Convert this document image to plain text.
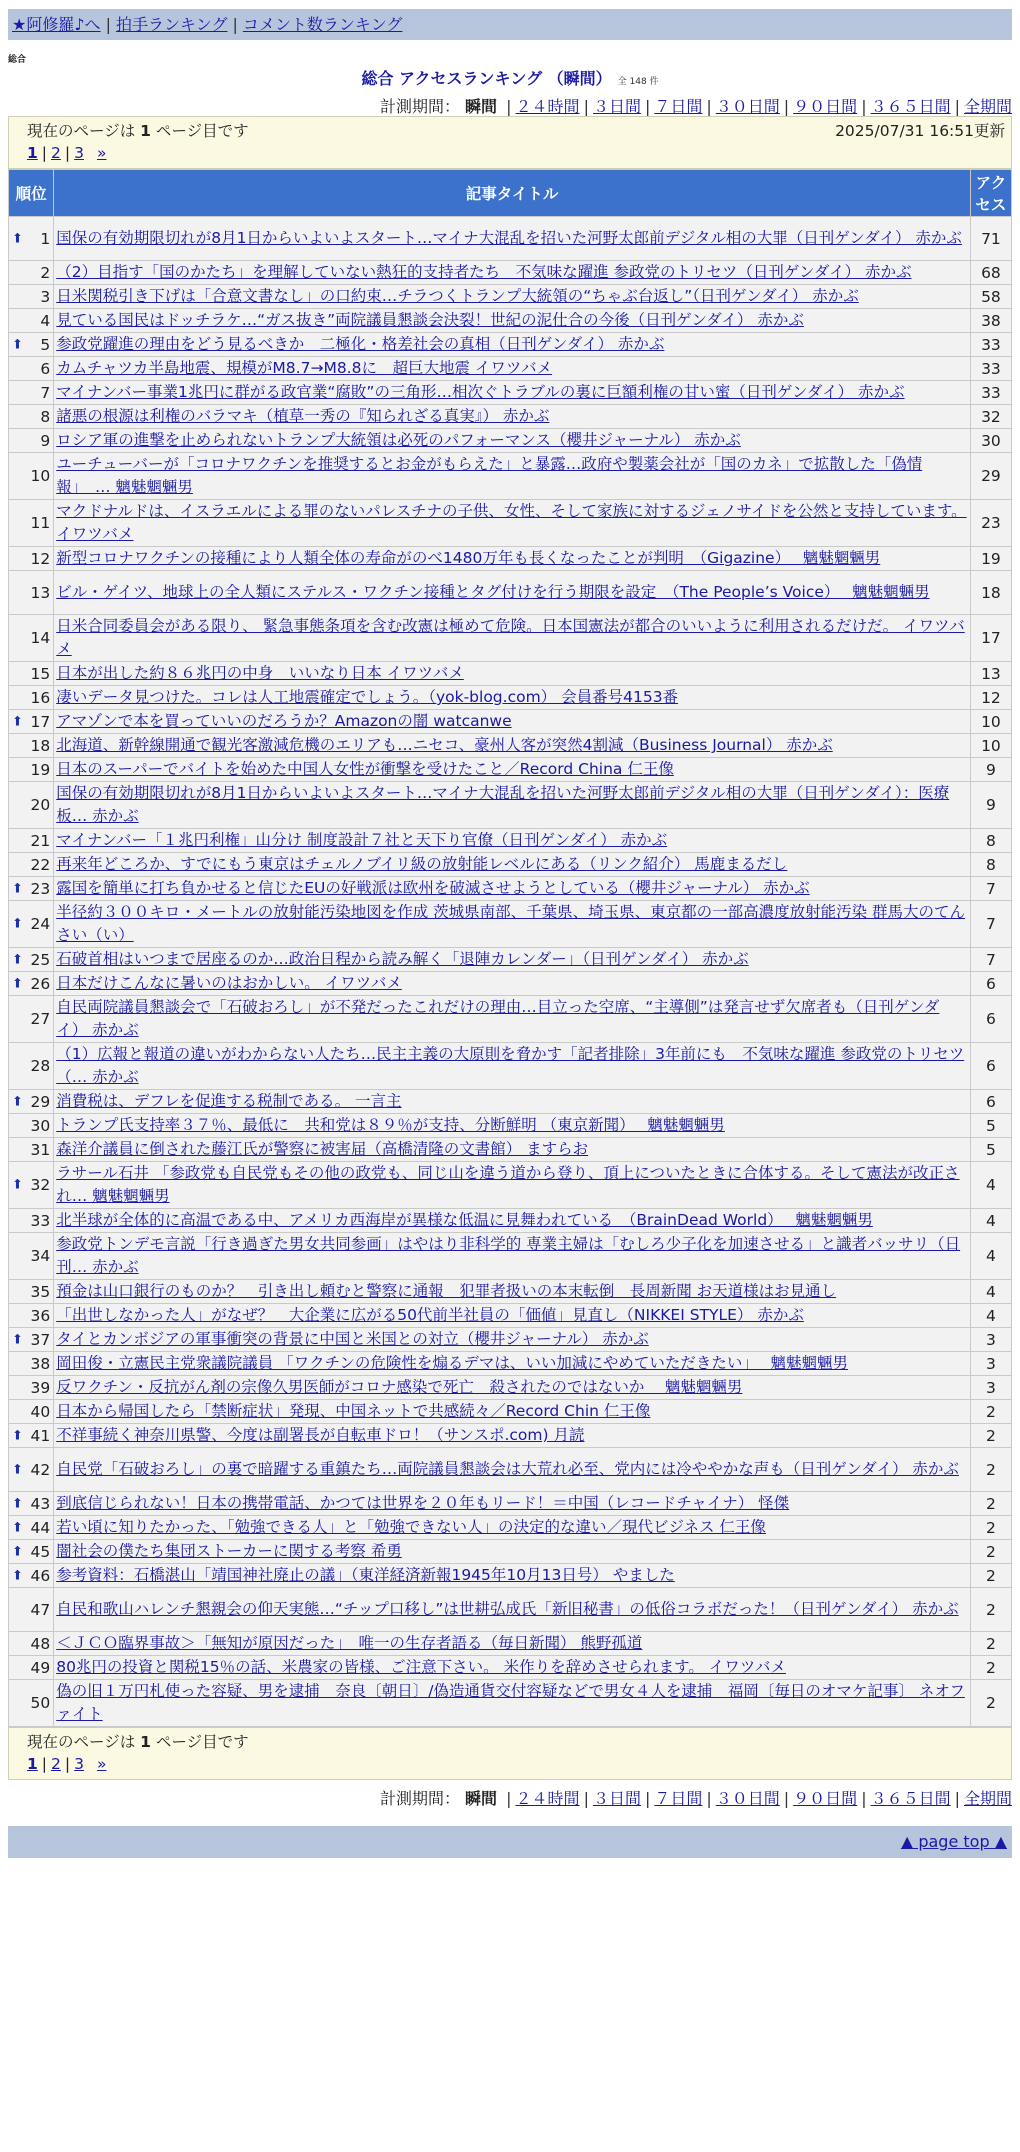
★阿修羅♪へ | 拍手ランキング | コメント数ランキング
総合
総合 アクセスランキング （瞬間） 全 148 件
計測期間： 瞬間 | ２４時間 | ３日間 | ７日間 | ３０日間 | ９０日間 | ３６５日間 | 全期間
現在のページは 1 ページ目です	2025/07/31 16:51更新
1 | 2 | 3 »
順位	記事タイトル	アクセス

⬆ 1	国保の有効期限切れが8月1日からいよいよスタート…マイナ大混乱を招いた河野太郎前デジタル相の大罪（日刊ゲンダイ） 赤かぶ	71
2	（2）目指す「国のかたち」を理解していない熱狂的支持者たち　不気味な躍進 参政党のトリセツ（日刊ゲンダイ） 赤かぶ	68
3	日米関税引き下げは「合意文書なし」の口約束…チラつくトランプ大統領の“ちゃぶ台返し”（日刊ゲンダイ） 赤かぶ	58
4	見ている国民はドッチラケ…“ガス抜き”両院議員懇談会決裂！世紀の泥仕合の今後（日刊ゲンダイ） 赤かぶ	38

⬆ 5	参政党躍進の理由をどう見るべきか　二極化・格差社会の真相（日刊ゲンダイ） 赤かぶ	33
6	カムチャツカ半島地震、規模がM8.7→M8.8に　超巨大地震 イワツバメ	33
7	マイナンバー事業1兆円に群がる政官業“腐敗”の三角形…相次ぐトラブルの裏に巨額利権の甘い蜜（日刊ゲンダイ） 赤かぶ	33
8	諸悪の根源は利権のバラマキ（植草一秀の『知られざる真実』） 赤かぶ	32
9	ロシア軍の進撃を止められないトランプ大統領は必死のパフォーマンス（櫻井ジャーナル） 赤かぶ	30
10	ユーチューバーが「コロナワクチンを推奨するとお金がもらえた」と暴露…政府や製薬会社が「国のカネ」で拡散した「偽情報」　… 魑魅魍魎男	29
11	マクドナルドは、イスラエルによる罪のないパレスチナの子供、女性、そして家族に対するジェノサイドを公然と支持しています。 イワツバメ	23
12	新型コロナワクチンの接種により人類全体の寿命がのべ1480万年も長くなったことが判明　（Gigazine）　 魑魅魍魎男	19
13	ビル・ゲイツ、地球上の全人類にステルス・ワクチン接種とタグ付けを行う期限を設定　（The People’s Voice）　 魑魅魍魎男	18
14	日米合同委員会がある限り、 緊急事態条項を含む改憲は極めて危険。日本国憲法が都合のいいように利用されるだけだ。 イワツバメ	17
15	日本が出した約８６兆円の中身　いいなり日本 イワツバメ	13
16	凄いデータ見つけた。コレは人工地震確定でしょう。（yok-blog.com） 会員番号4153番	12

⬆ 17	アマゾンで本を買っていいのだろうか？Amazonの闇 watcanwe	10
18	北海道、新幹線開通で観光客激減危機のエリアも…ニセコ、豪州人客が突然4割減（Business Journal） 赤かぶ	10
19	日本のスーパーでバイトを始めた中国人女性が衝撃を受けたこと／Record China 仁王像	9
20	国保の有効期限切れが8月1日からいよいよスタート…マイナ大混乱を招いた河野太郎前デジタル相の大罪（日刊ゲンダイ）：医療板… 赤かぶ	9
21	マイナンバー「１兆円利権」山分け 制度設計７社と天下り官僚（日刊ゲンダイ） 赤かぶ	8
22	再来年どころか、すでにもう東京はチェルノブイリ級の放射能レベルにある（リンク紹介） 馬鹿まるだし	8

⬆ 23	露国を簡単に打ち負かせると信じたEUの好戦派は欧州を破滅させようとしている（櫻井ジャーナル） 赤かぶ	7

⬆ 24	半径約３００キロ・メートルの放射能汚染地図を作成 茨城県南部、千葉県、埼玉県、東京都の一部高濃度放射能汚染 群馬大のてんさい（い）	7

⬆ 25	石破首相はいつまで居座るのか…政治日程から読み解く「退陣カレンダー」（日刊ゲンダイ） 赤かぶ	7

⬆ 26	日本だけこんなに暑いのはおかしい。 イワツバメ	6
27	自民両院議員懇談会で「石破おろし」が不発だったこれだけの理由…目立った空席、“主導側”は発言せず欠席者も（日刊ゲンダイ） 赤かぶ	6
28	（1）広報と報道の違いがわからない人たち…民主主義の大原則を脅かす「記者排除」3年前にも　不気味な躍進 参政党のトリセツ（… 赤かぶ	6

⬆ 29	消費税は、デフレを促進する税制である。 一言主	6
30	トランプ氏支持率３７％、最低に　共和党は８９％が支持、分断鮮明 （東京新聞）　 魑魅魍魎男	5
31	森洋介議員に倒された藤江氏が警察に被害届（高橋清隆の文書館） ますらお	5

⬆ 32	ラサール石井 「参政党も自民党もその他の政党も、同じ山を違う道から登り、頂上についたときに合体する。そして憲法が改正され… 魑魅魍魎男	4
33	北半球が全体的に高温である中、アメリカ西海岸が異様な低温に見舞われている　（BrainDead World）　 魑魅魍魎男	4
34	参政党トンデモ言説「行き過ぎた男女共同参画」はやはり非科学的 専業主婦は「むしろ少子化を加速させる」と識者バッサリ（日刊… 赤かぶ	4
35	預金は山口銀行のものか？　引き出し頼むと警察に通報　犯罪者扱いの本末転倒　長周新聞 お天道様はお見通し	4
36	「出世しなかった人」がなぜ？　大企業に広がる50代前半社員の「価値」見直し（NIKKEI STYLE） 赤かぶ	4

⬆ 37	タイとカンボジアの軍事衝突の背景に中国と米国との対立（櫻井ジャーナル） 赤かぶ	3
38	岡田俊・立憲民主党衆議院議員 「ワクチンの危険性を煽るデマは、いい加減にやめていただきたい」　 魑魅魍魎男	3
39	反ワクチン・反抗がん剤の宗像久男医師がコロナ感染で死亡　殺されたのではないか　 魑魅魍魎男	3
40	日本から帰国したら「禁断症状」発現、中国ネットで共感続々／Record Chin 仁王像	2

⬆ 41	不祥事続く神奈川県警、今度は副署長が自転車ドロ！（サンスポ.com) 月読	2

⬆ 42	自民党「石破おろし」の裏で暗躍する重鎮たち…両院議員懇談会は大荒れ必至、党内には冷ややかな声も（日刊ゲンダイ） 赤かぶ	2

⬆ 43	到底信じられない！日本の携帯電話、かつては世界を２０年もリード！＝中国（レコードチャイナ） 怪傑	2

⬆ 44	若い頃に知りたかった、「勉強できる人」と「勉強できない人」の決定的な違い／現代ビジネス 仁王像	2

⬆ 45	闇社会の僕たち集団ストーカーに関する考察 希勇	2

⬆ 46	参考資料：石橋湛山「靖国神社廃止の議」（東洋経済新報1945年10月13日号） やました	2
47	自民和歌山ハレンチ懇親会の仰天実態…“チップ口移し”は世耕弘成氏「新旧秘書」の低俗コラボだった！（日刊ゲンダイ） 赤かぶ	2
48	＜ＪＣＯ臨界事故＞「無知が原因だった」　唯一の生存者語る（毎日新聞） 熊野孤道	2
49	80兆円の投資と関税15％の話、米農家の皆様、ご注意下さい。 米作りを辞めさせられます。 イワツバメ	2
50	偽の旧１万円札使った容疑、男を逮捕　奈良〔朝日〕/偽造通貨交付容疑などで男女４人を逮捕　福岡〔毎日のオマケ記事〕 ネオファイト	2
現在のページは 1 ページ目です
1 | 2 | 3 »
計測期間： 瞬間 | ２４時間 | ３日間 | ７日間 | ３０日間 | ９０日間 | ３６５日間 | 全期間
▲ page top ▲
